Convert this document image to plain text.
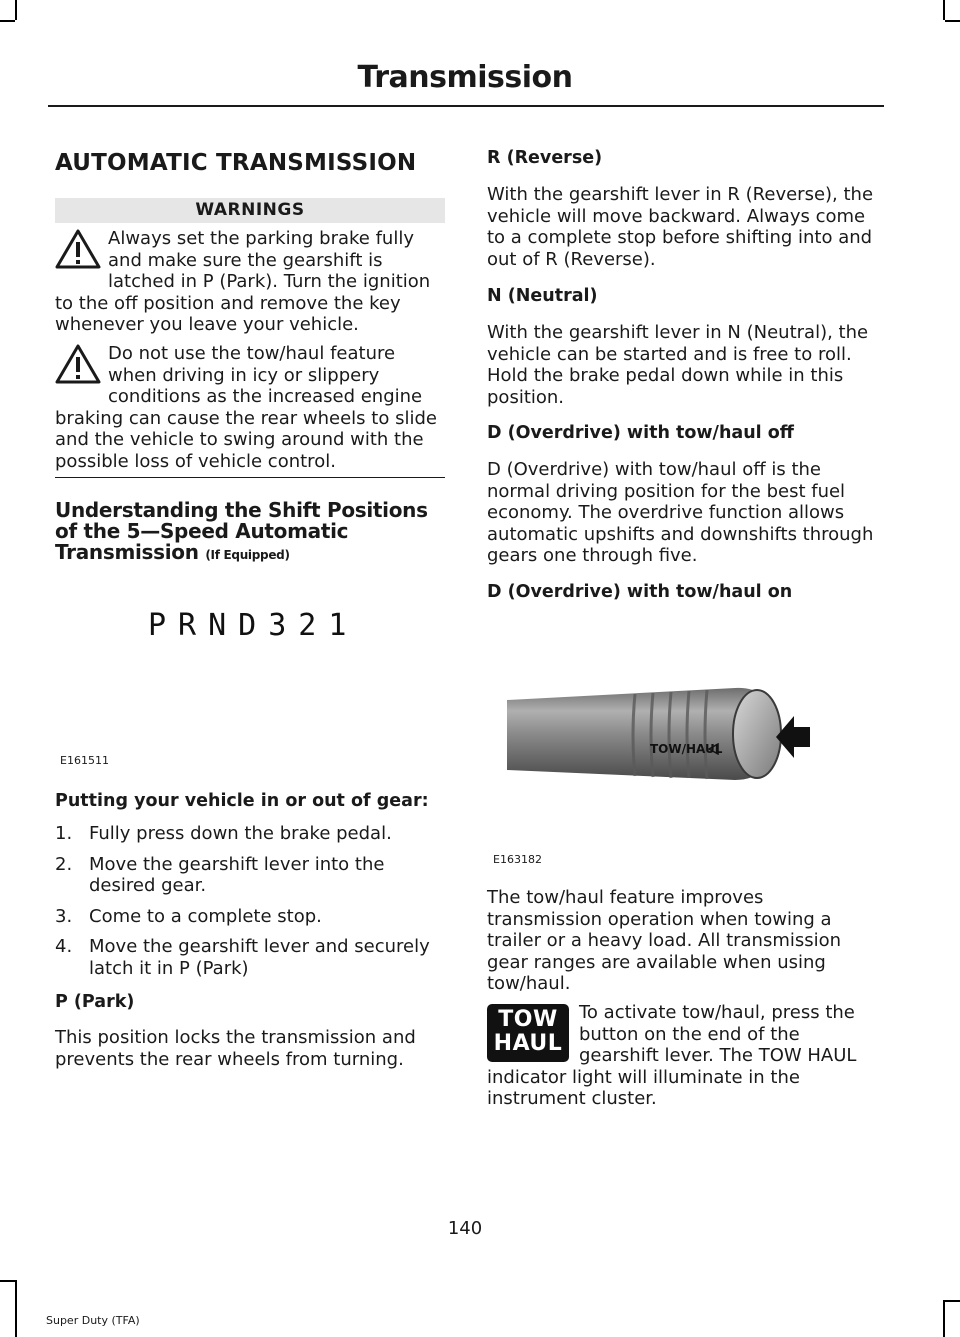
Transmission
AUTOMATIC TRANSMISSION
WARNINGS
Always set the parking brake fully
and make sure the gearshift is
latched in P (Park). Turn the ignition
to the off position and remove the key
whenever you leave your vehicle.
Do not use the tow/haul feature
when driving in icy or slippery
conditions as the increased engine
braking can cause the rear wheels to slide
and the vehicle to swing around with the
possible loss of vehicle control.
Understanding the Shift Positions
of the 5—Speed Automatic
Transmission (If Equipped)
PRND321
E161511
Putting your vehicle in or out of gear:
1. Fully press down the brake pedal.
2. Move the gearshift lever into the
desired gear.
3. Come to a complete stop.
4. Move the gearshift lever and securely
latch it in P (Park)
P (Park)
This position locks the transmission and
prevents the rear wheels from turning.
R (Reverse)
With the gearshift lever in R (Reverse), the
vehicle will move backward. Always come
to a complete stop before shifting into and
out of R (Reverse).
N (Neutral)
With the gearshift lever in N (Neutral), the
vehicle can be started and is free to roll.
Hold the brake pedal down while in this
position.
D (Overdrive) with tow/haul off
D (Overdrive) with tow/haul off is the
normal driving position for the best fuel
economy. The overdrive function allows
automatic upshifts and downshifts through
gears one through five.
D (Overdrive) with tow/haul on
TOW/HAUL
E163182
The tow/haul feature improves
transmission operation when towing a
trailer or a heavy load. All transmission
gear ranges are available when using
tow/haul.
TOW
HAUL
To activate tow/haul, press the
button on the end of the
gearshift lever. The TOW HAUL
indicator light will illuminate in the
instrument cluster.
140
Super Duty (TFA)
